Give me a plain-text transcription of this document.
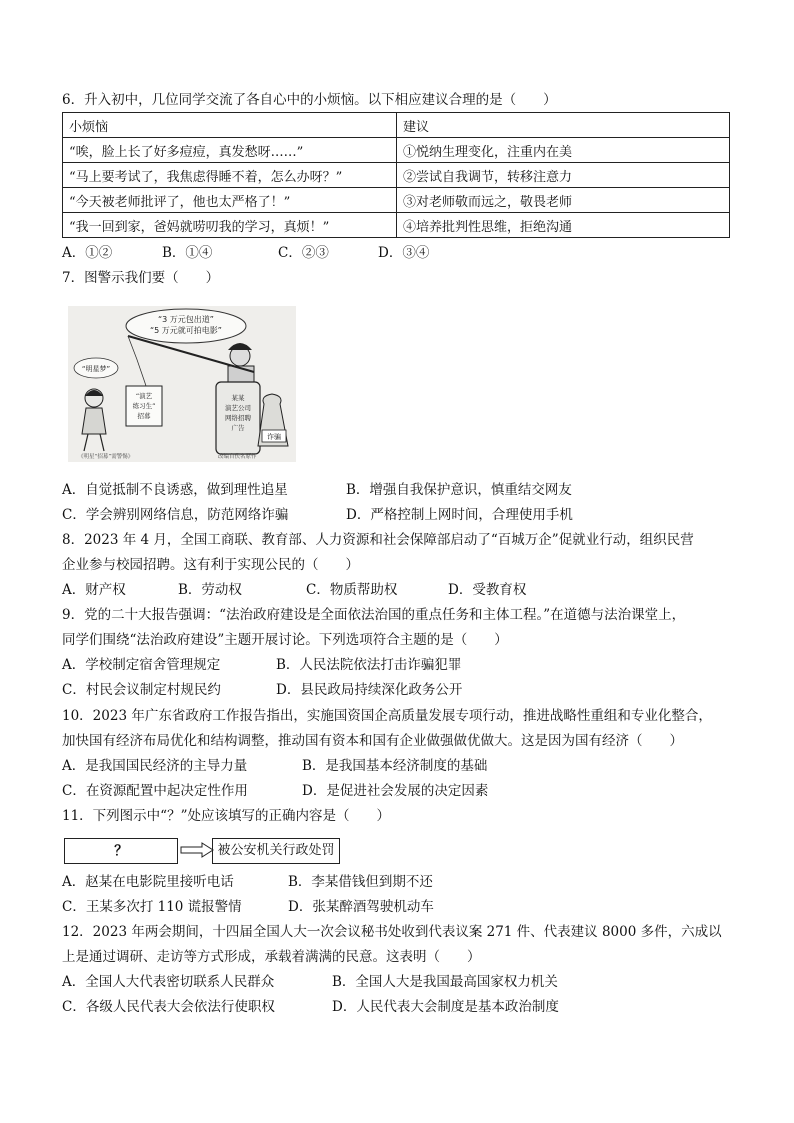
6．升入初中，几位同学交流了各自心中的小烦恼。以下相应建议合理的是（　　）
小烦恼	建议
“唉，脸上长了好多痘痘，真发愁呀……”	①悦纳生理变化，注重内在美
“马上要考试了，我焦虑得睡不着，怎么办呀？”	②尝试自我调节，转移注意力
“今天被老师批评了，他也太严格了！”	③对老师敬而远之，敬畏老师
“我一回到家，爸妈就唠叨我的学习，真烦！”	④培养批判性思维，拒绝沟通
A．①②	B．①④	C．②③	D．③④
7．图警示我们要（　　）
“3 万元包出道”
“5 万元就可拍电影”
某某
演艺公司
网络招聘
广告
诈骗
“演艺
练习生”
招募
“明星梦”
《明星“招募”需警惕》	改编自佚名原作
A．自觉抵制不良诱惑，做到理性追星	B．增强自我保护意识，慎重结交网友
C．学会辨别网络信息，防范网络诈骗	D．严格控制上网时间，合理使用手机
8．2023 年 4 月，全国工商联、教育部、人力资源和社会保障部启动了“百城万企”促就业行动，组织民营
企业参与校园招聘。这有利于实现公民的（　　）
A．财产权	B．劳动权	C．物质帮助权	D．受教育权
9．党的二十大报告强调：“法治政府建设是全面依法治国的重点任务和主体工程。”在道德与法治课堂上，
同学们围绕“法治政府建设”主题开展讨论。下列选项符合主题的是（　　）
A．学校制定宿舍管理规定	B．人民法院依法打击诈骗犯罪
C．村民会议制定村规民约	D．县民政局持续深化政务公开
10．2023 年广东省政府工作报告指出，实施国资国企高质量发展专项行动，推进战略性重组和专业化整合，
加快国有经济布局优化和结构调整，推动国有资本和国有企业做强做优做大。这是因为国有经济（　　）
A．是我国国民经济的主导力量	B．是我国基本经济制度的基础
C．在资源配置中起决定性作用	D．是促进社会发展的决定因素
11．下列图示中“？”处应该填写的正确内容是（　　）
？	被公安机关行政处罚
A．赵某在电影院里接听电话	B．李某借钱但到期不还
C．王某多次打 110 谎报警情	D．张某醉酒驾驶机动车
12．2023 年两会期间，十四届全国人大一次会议秘书处收到代表议案 271 件、代表建议 8000 多件，六成以
上是通过调研、走访等方式形成，承载着满满的民意。这表明（　　）
A．全国人大代表密切联系人民群众	B．全国人大是我国最高国家权力机关
C．各级人民代表大会依法行使职权	D．人民代表大会制度是基本政治制度
